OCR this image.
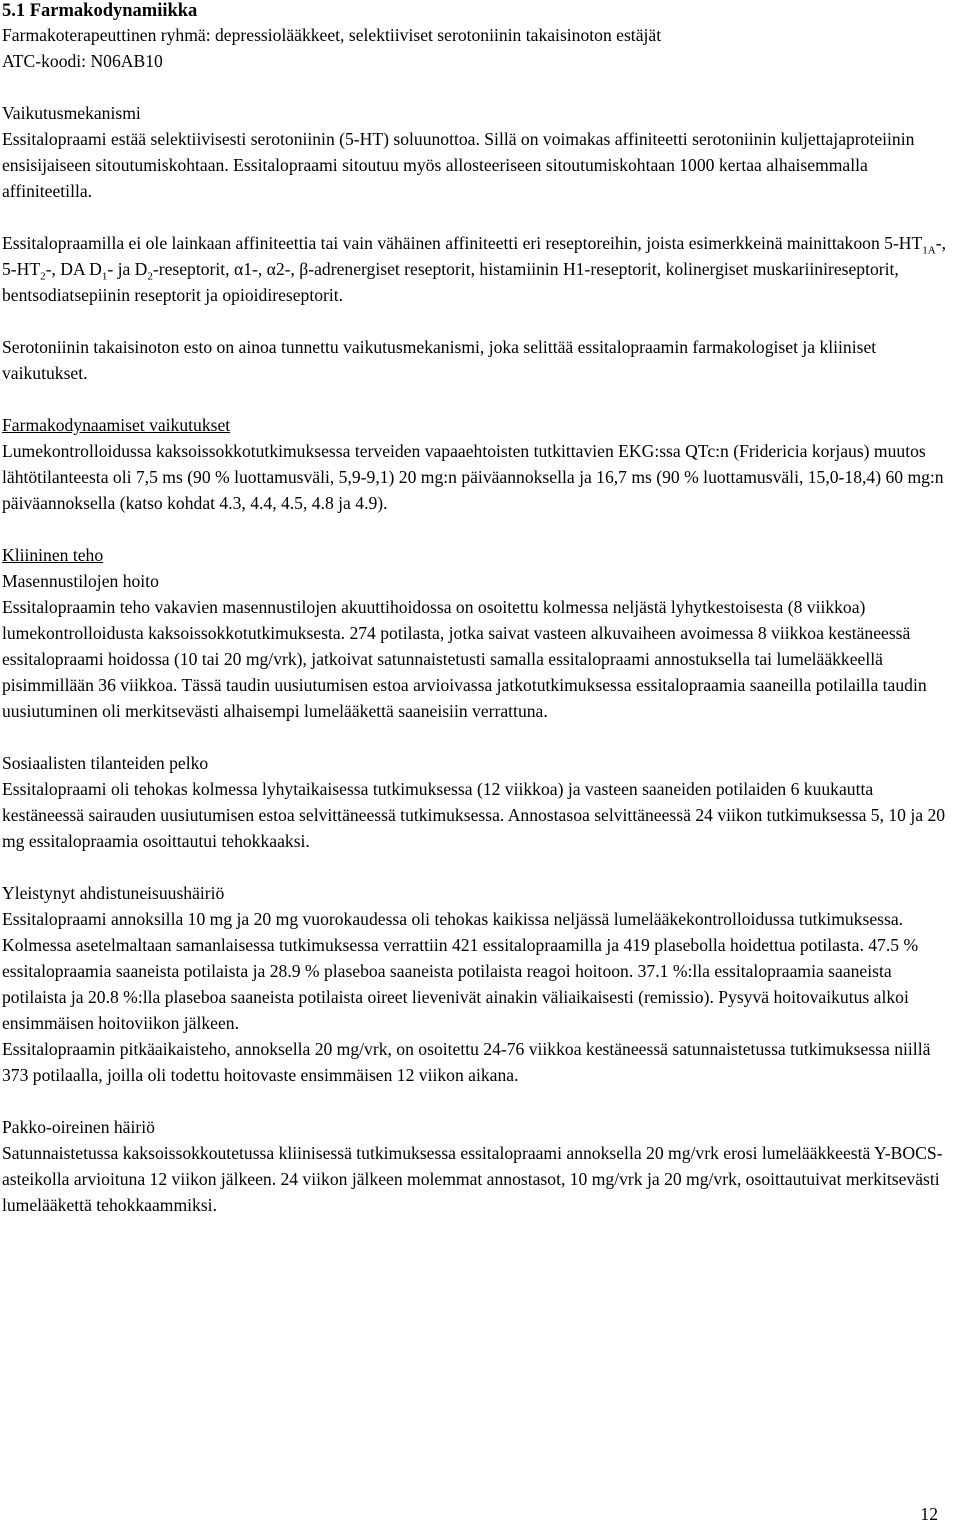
5.1 Farmakodynamiikka

Farmakoterapeuttinen ryhmä: depressiolääkkeet, selektiiviset serotoniinin takaisinoton estäjät

ATC-koodi: N06AB10

Vaikutusmekanismi

Essitalopraami estää selektiivisesti serotoniinin (5-HT) soluunottoa. Sillä on voimakas affiniteetti serotoniinin kuljettajaproteiinin ensisijaiseen sitoutumiskohtaan. Essitalopraami sitoutuu myös allosteeriseen sitoutumiskohtaan 1000 kertaa alhaisemmalla affiniteetilla.

Essitalopraamilla ei ole lainkaan affiniteettia tai vain vähäinen affiniteetti eri reseptoreihin, joista esimerkkeinä mainittakoon $5-HT_{1A}-$, $5-HT_2-$, DA $D_1-$ ja $D_2$-reseptorit, α1-, α2-, β-adrenergiset reseptorit, histamiinin H1-reseptorit, kolinergiset muskariinireseptorit, bentsodiatsepiinin reseptorit ja opioidireseptorit.

Serotoniinin takaisinoton esto on ainoa tunnettu vaikutusmekanismi, joka selittää essitalopraamin farmakologiset ja kliiniset vaikutukset.

Farmakodynaamiset vaikutukset

Lumekontrolloidussa kaksoissokkotutkimuksessa terveiden vapaaehtoisten tutkittavien EKG:ssa QTc:n (Fridericia korjaus) muutos lähtötilanteesta oli 7,5 ms (90 % luottamusväli, 5,9-9,1) 20 mg:n päiväannoksella ja 16,7 ms (90 % luottamusväli, 15,0-18,4) 60 mg:n päiväannoksella (katso kohdat 4.3, 4.4, 4.5, 4.8 ja 4.9).

Kliininen teho

Masennustilojen hoito

Essitalopraamin teho vakavien masennustilojen akuuttihoidossa on osoitettu kolmessa neljästä lyhytkestoisesta (8 viikkoa) lumekontrolloidusta kaksoissokkotutkimuksesta. 274 potilasta, jotka saivat vasteen alkuvaiheen avoimessa 8 viikkoa kestäneessä essitalopraami hoidossa (10 tai 20 mg/vrk), jatkoivat satunnaistetusti samalla essitalopraami annostuksella tai lumelääkkeellä pisimmillään 36 viikkoa. Tässä taudin uusiutumisen estoa arvioivassa jatkotutkimuksessa essitalopraamia saaneilla potilailla taudin uusiutuminen oli merkitsevästi alhaisempi lumelääkettä saaneisiin verrattuna.

Sosiaalisten tilanteiden pelko

Essitalopraami oli tehokas kolmessa lyhytaikaisessa tutkimuksessa (12 viikkoa) ja vasteen saaneiden potilaiden 6 kuukautta kestäneessä sairauden uusiutumisen estoa selvittäneessä tutkimuksessa. Annostasoa selvittäneessä 24 viikon tutkimuksessa 5, 10 ja 20 mg essitalopraamia osoittautui tehokkaaksi.

Yleistynyt ahdistuneisuushäiriö

Essitalopraami annoksilla 10 mg ja 20 mg vuorokaudessa oli tehokas kaikissa neljässä lumelääkekontrolloidussa tutkimuksessa.

Kolmessa asetelmaltaan samanlaisessa tutkimuksessa verrattiin 421 essitalopraamilla ja 419 plasebolla hoidettua potilasta. 47.5 % essitalopraamia saaneista potilaista ja 28.9 % plaseboa saaneista potilaista reagoi hoitoon. 37.1 %:lla essitalopraamia saaneista potilaista ja 20.8 %:lla plaseboa saaneista potilaista oireet lievenivät ainakin väliaikaisesti (remissio). Pysyvä hoitovaikutus alkoi ensimmäisen hoitoviikon jälkeen.

Essitalopraamin pitkäaikaisteho, annoksella 20 mg/vrk, on osoitettu 24-76 viikkoa kestäneessä satunnaistetussa tutkimuksessa niillä 373 potilaalla, joilla oli todettu hoitovaste ensimmäisen 12 viikon aikana.

Pakko-oireinen häiriö

Satunnaistetussa kaksoissokkoutetussa kliinisessä tutkimuksessa essitalopraami annoksella 20 mg/vrk erosi lumelääkkeestä Y-BOCS-asteikolla arvioituna 12 viikon jälkeen. 24 viikon jälkeen molemmat annostasot, 10 mg/vrk ja 20 mg/vrk, osoittautuivat merkitsevästi lumelääkettä tehokkaammiksi.

12
